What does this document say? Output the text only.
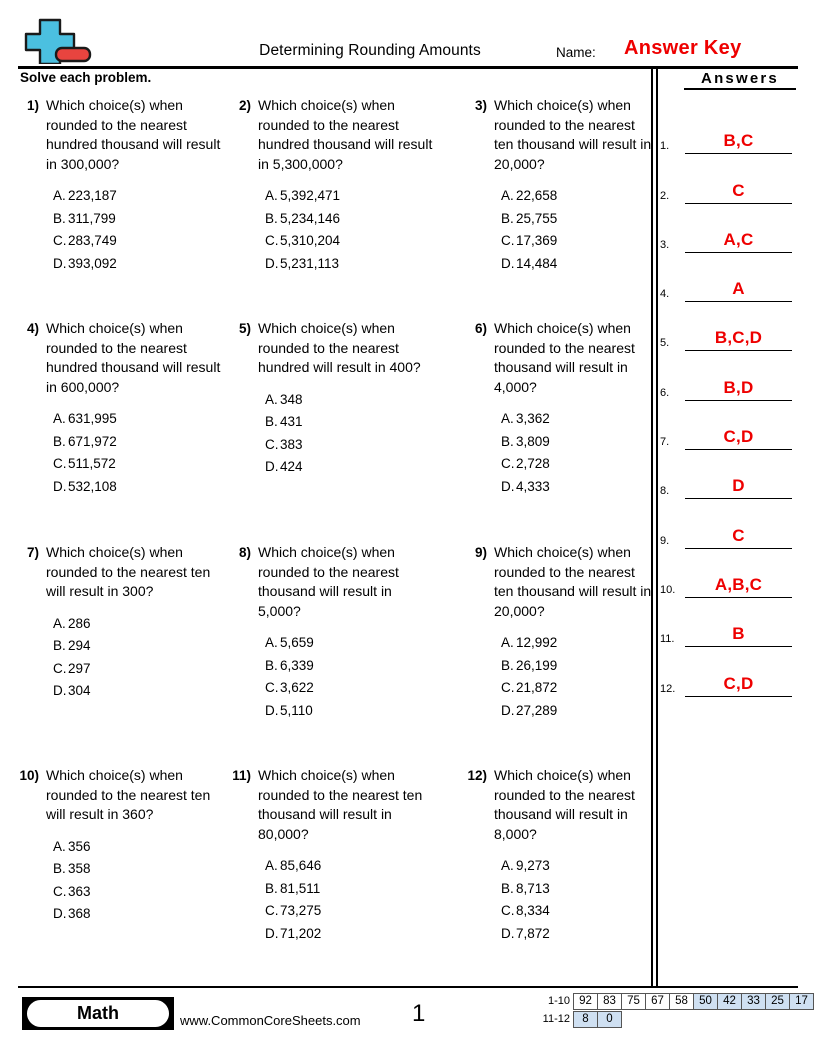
Determining Rounding Amounts	Name: Answer Key
Solve each problem.
1) Which choice(s) when rounded to the nearest hundred thousand will result in 300,000?
A. 223,187
B. 311,799
C. 283,749
D. 393,092
2) Which choice(s) when rounded to the nearest hundred thousand will result in 5,300,000?
A. 5,392,471
B. 5,234,146
C. 5,310,204
D. 5,231,113
3) Which choice(s) when rounded to the nearest ten thousand will result in 20,000?
A. 22,658
B. 25,755
C. 17,369
D. 14,484
4) Which choice(s) when rounded to the nearest hundred thousand will result in 600,000?
A. 631,995
B. 671,972
C. 511,572
D. 532,108
5) Which choice(s) when rounded to the nearest hundred will result in 400?
A. 348
B. 431
C. 383
D. 424
6) Which choice(s) when rounded to the nearest thousand will result in 4,000?
A. 3,362
B. 3,809
C. 2,728
D. 4,333
7) Which choice(s) when rounded to the nearest ten will result in 300?
A. 286
B. 294
C. 297
D. 304
8) Which choice(s) when rounded to the nearest thousand will result in 5,000?
A. 5,659
B. 6,339
C. 3,622
D. 5,110
9) Which choice(s) when rounded to the nearest ten thousand will result in 20,000?
A. 12,992
B. 26,199
C. 21,872
D. 27,289
10) Which choice(s) when rounded to the nearest ten will result in 360?
A. 356
B. 358
C. 363
D. 368
11) Which choice(s) when rounded to the nearest ten thousand will result in 80,000?
A. 85,646
B. 81,511
C. 73,275
D. 71,202
12) Which choice(s) when rounded to the nearest thousand will result in 8,000?
A. 9,273
B. 8,713
C. 8,334
D. 7,872
Answers
1.	B,C
2.	C
3.	A,C
4.	A
5.	B,C,D
6.	B,D
7.	C,D
8.	D
9.	C
10.	A,B,C
11.	B
12.	C,D
Math	www.CommonCoreSheets.com 1	1-10 92 83 75 67 58 50 42 33 25 17
11-12	8	0
